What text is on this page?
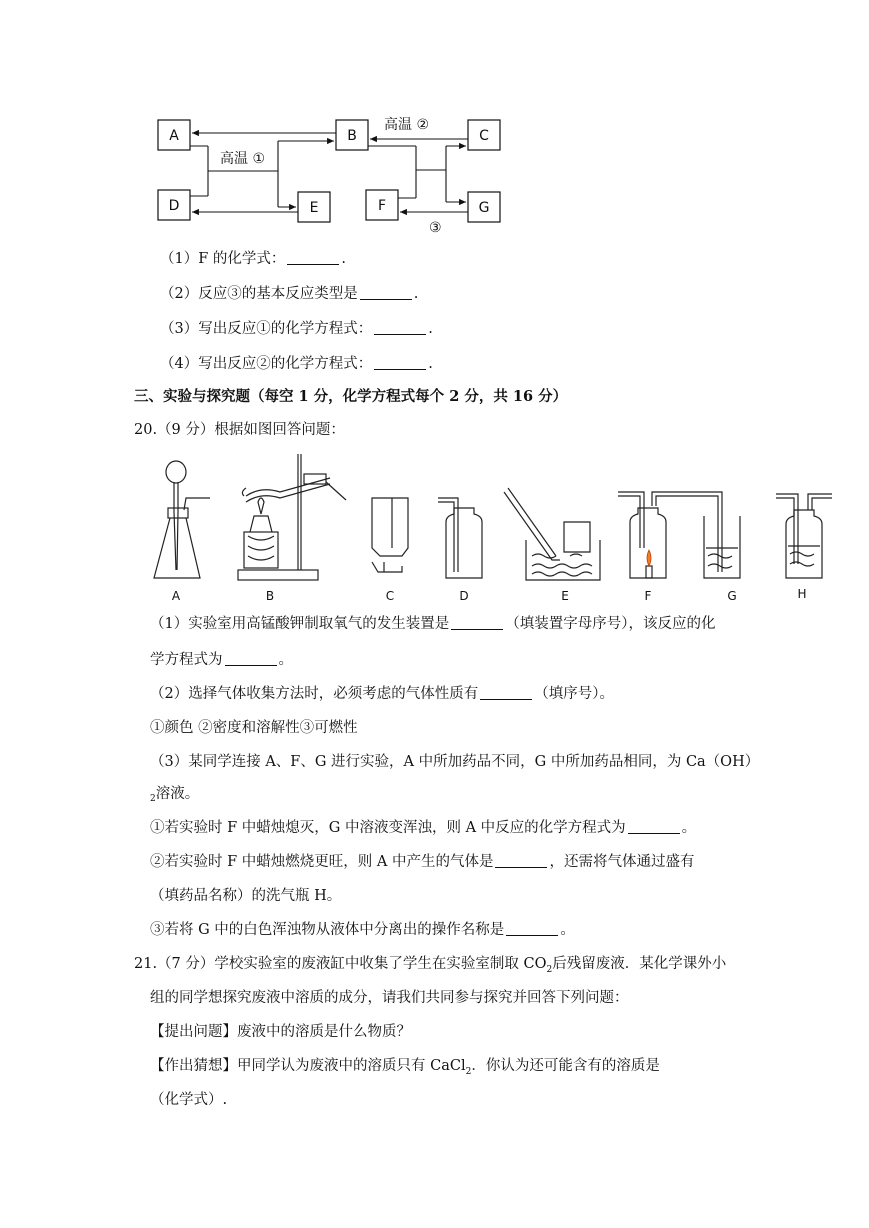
A	B	C
D	E	F	G
高温 ①
高温 ②
③
（1）F 的化学式：	.
（2）反应③的基本反应类型是	.
（3）写出反应①的化学方程式：	.
（4）写出反应②的化学方程式：	.
三、实验与探究题（每空 1 分，化学方程式每个 2 分，共 16 分）
20.（9 分）根据如图回答问题：
A	B	C	D	E	F	G	H
（1）实验室用高锰酸钾制取氧气的发生装置是	（填装置字母序号），该反应的化
学方程式为	。
（2）选择气体收集方法时，必须考虑的气体性质有	（填序号）。
①颜色 ②密度和溶解性③可燃性
（3）某同学连接 A、F、G 进行实验，A 中所加药品不同，G 中所加药品相同，为 Ca（OH）
$_2$溶液。
①若实验时 F 中蜡烛熄灭，G 中溶液变浑浊，则 A 中反应的化学方程式为	。
②若实验时 F 中蜡烛燃烧更旺，则 A 中产生的气体是	，还需将气体通过盛有
（填药品名称）的洗气瓶 H。
③若将 G 中的白色浑浊物从液体中分离出的操作名称是	。
21.（7 分）学校实验室的废液缸中收集了学生在实验室制取 $CO_2$后残留废液．某化学课外小
组的同学想探究废液中溶质的成分，请我们共同参与探究并回答下列问题：
【提出问题】废液中的溶质是什么物质？
【作出猜想】甲同学认为废液中的溶质只有 CaCl$_2$．你认为还可能含有的溶质是
（化学式）.
